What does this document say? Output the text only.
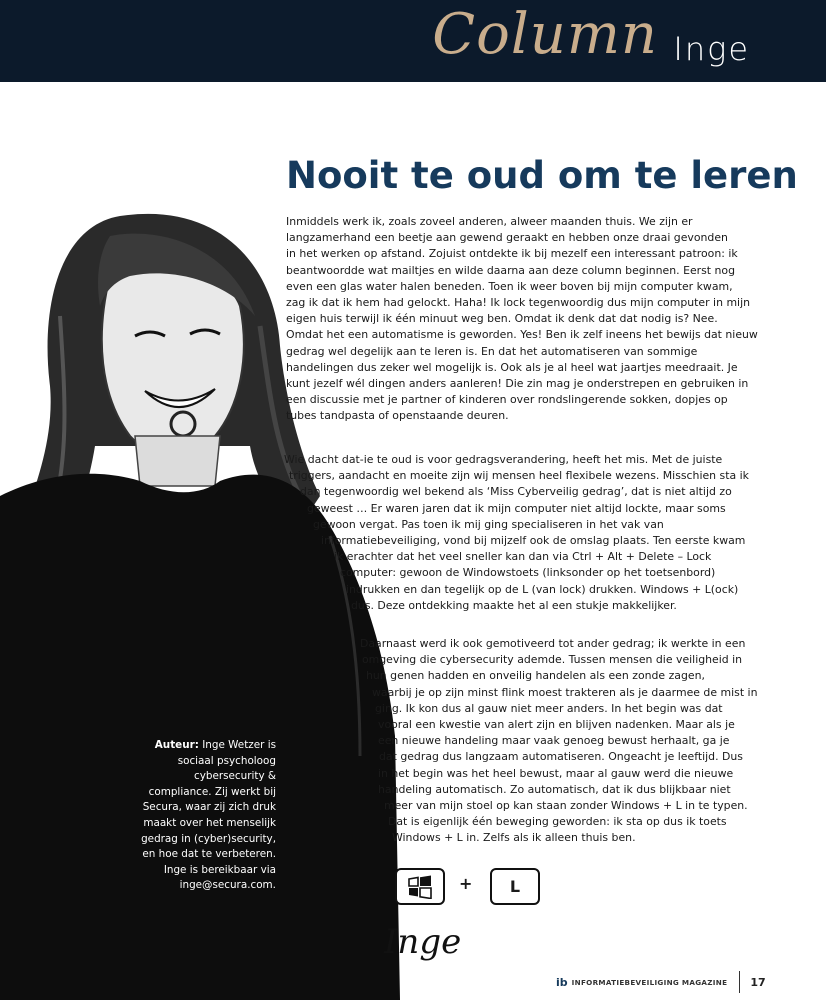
Column Inge
Nooit te oud om te leren
Inmiddels werk ik, zoals zoveel anderen, alweer maanden thuis. We zijn er
langzamerhand een beetje aan gewend geraakt en hebben onze draai gevonden
in het werken op afstand. Zojuist ontdekte ik bij mezelf een interessant patroon: ik
beantwoordde wat mailtjes en wilde daarna aan deze column beginnen. Eerst nog
even een glas water halen beneden. Toen ik weer boven bij mijn computer kwam,
zag ik dat ik hem had gelockt. Haha! Ik lock tegenwoordig dus mijn computer in mijn
eigen huis terwijl ik één minuut weg ben. Omdat ik denk dat dat nodig is? Nee.
Omdat het een automatisme is geworden. Yes! Ben ik zelf ineens het bewijs dat nieuw
gedrag wel degelijk aan te leren is. En dat het automatiseren van sommige
handelingen dus zeker wel mogelijk is. Ook als je al heel wat jaartjes meedraait. Je
kunt jezelf wél dingen anders aanleren! Die zin mag je onderstrepen en gebruiken in
een discussie met je partner of kinderen over rondslingerende sokken, dopjes op
tubes tandpasta of openstaande deuren.
Wie dacht dat-ie te oud is voor gedragsverandering, heeft het mis. Met de juiste
triggers, aandacht en moeite zijn wij mensen heel flexibele wezens. Misschien sta ik
dan tegenwoordig wel bekend als ‘Miss Cyberveilig gedrag’, dat is niet altijd zo
geweest … Er waren jaren dat ik mijn computer niet altijd lockte, maar soms
gewoon vergat. Pas toen ik mij ging specialiseren in het vak van
informatiebeveiliging, vond bij mijzelf ook de omslag plaats. Ten eerste kwam
ik erachter dat het veel sneller kan dan via Ctrl + Alt + Delete – Lock
computer: gewoon de Windowstoets (linksonder op het toetsenbord)
indrukken en dan tegelijk op de L (van lock) drukken. Windows + L(ock)
dus. Deze ontdekking maakte het al een stukje makkelijker.
Daarnaast werd ik ook gemotiveerd tot ander gedrag; ik werkte in een
omgeving die cybersecurity ademde. Tussen mensen die veiligheid in
hun genen hadden en onveilig handelen als een zonde zagen,
waarbij je op zijn minst flink moest trakteren als je daarmee de mist in
ging. Ik kon dus al gauw niet meer anders. In het begin was dat
vooral een kwestie van alert zijn en blijven nadenken. Maar als je
een nieuwe handeling maar vaak genoeg bewust herhaalt, ga je
dat gedrag dus langzaam automatiseren. Ongeacht je leeftijd. Dus
in het begin was het heel bewust, maar al gauw werd die nieuwe
handeling automatisch. Zo automatisch, dat ik dus blijkbaar niet
meer van mijn stoel op kan staan zonder Windows + L in te typen.
Dat is eigenlijk één beweging geworden: ik sta op dus ik toets
Windows + L in. Zelfs als ik alleen thuis ben.
Auteur: Inge Wetzer is
sociaal psycholoog
cybersecurity &
compliance. Zij werkt bij
Secura, waar zij zich druk
maakt over het menselijk
gedrag in (cyber)security,
en hoe dat te verbeteren.
Inge is bereikbaar via
inge@secura.com.	+	L
Inge
ib INFORMATIEBEVEILIGING MAGAZINE 17
